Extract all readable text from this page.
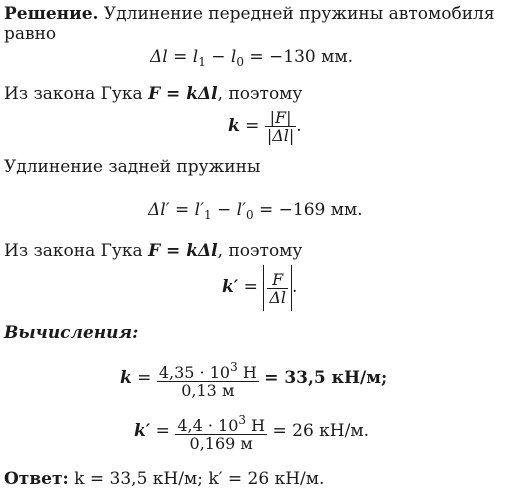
Решение. Удлинение передней пружины автомобиля
равно
$\Delta l = l_1 - l_0 = -130$ мм.
Из закона Гука F = kΔl, поэтому
$k = \frac{|F|}{|\Delta l|}$ .
Удлинение задней пружины
$\Delta l' = l'_1 - l'_0 = -169$ мм.
Из закона Гука F = kΔl, поэтому
$k' = \frac{F}{\Delta l}$ .
Вычисления:
$k = \frac{4,35 \cdot 10^3 Н}{0,13 м} = 33,5$ кН/м;
$k' = \frac{4,4 \cdot 10^3 Н}{0,169 м} = 26$ кН/м.
Ответ: k = 33,5 кН/м; k′ = 26 кН/м.
